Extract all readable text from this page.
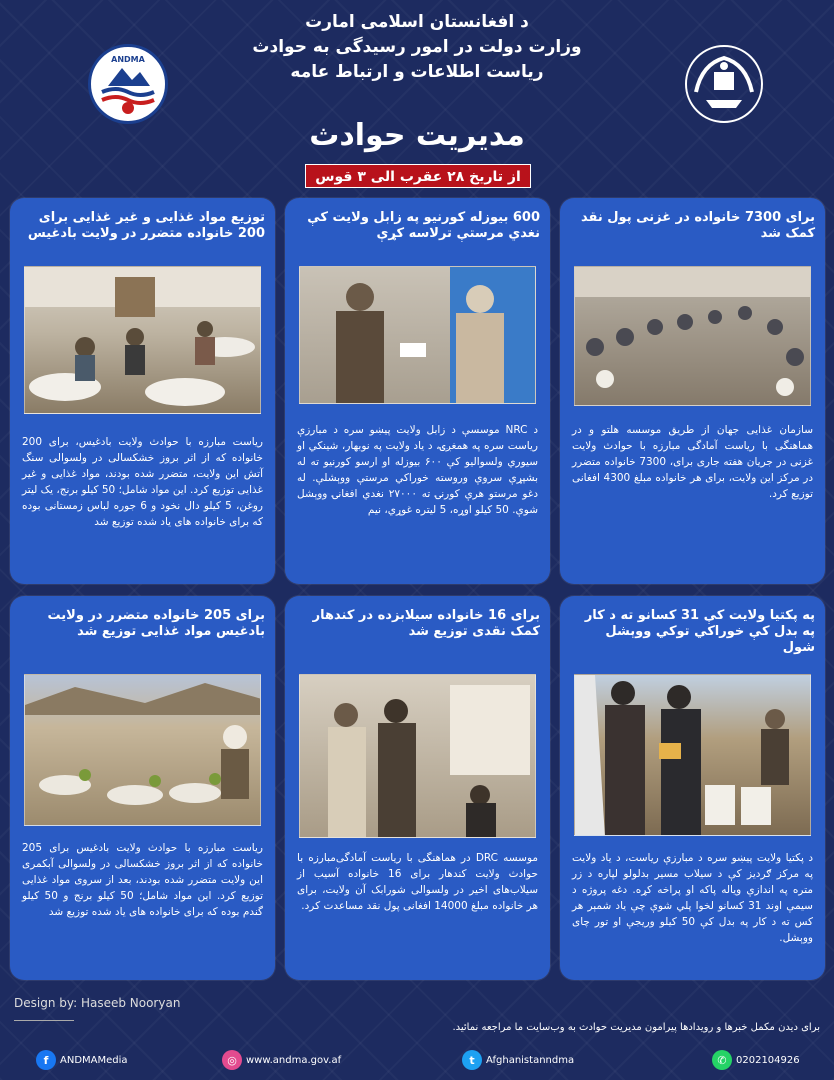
د افغانستان اسلامی امارت
وزارت دولت در امور رسیدگی به حوادث
ریاست اطلاعات و ارتباط عامه
ANDMA
مدیریت حوادث
از تاریخ ۲۸ عقرب الی ۳ قوس
توزیع مواد غذایی و غیر غذایی برای 200 خانواده متضرر در ولایت بادغیس
ریاست مبارزه با حوادث ولایت بادغیس، برای 200 خانواده که از اثر بروز خشکسالی در ولسوالی سنگ آتش این ولایت، متضرر شده بودند، مواد غذایی و غیر غذایی توزیع کرد. این مواد شامل؛ 50 کیلو برنج، یک لیتر روغن، 5 کیلو دال نخود و 6 جوره لباس زمستانی بوده که برای خانواده های یاد شده توزیع شد
600 بیوزله کورنیو په زابل ولایت کې نغدي مرستې ترلاسه کړې
د NRC موسسې د زابل ولایت پیښو سره د مبارزې ریاست سره په همغږۍ، د یاد ولایت په نوبهار، شینکي او سیوري ولسوالیو کې ۶۰۰ بیوزله او ارسو کورنیو ته له بشپړې سروې وروسته خوراکي مرستې ووېشلې. له دغو مرستو هرې کورنۍ ته ۲۷۰۰۰ نغدي افغانۍ ووېشل شوې. 50 کیلو اوړه، 5 لیتره غوړي، نیم
برای 7300 خانواده در غزنی پول نقد کمک شد
سازمان غذایی جهان از طریق موسسه هلتو و در هماهنگی با ریاست آمادگی مبارزه با حوادث ولایت غزنی در جریان هفته جاری برای، 7300 خانواده متضرر در مرکز این ولایت، برای هر خانواده مبلغ 4300 افغانی توزیع کرد.
برای 205 خانواده متضرر در ولایت بادغیس مواد غذایی توزیع شد
ریاست مبارزه با حوادث ولایت بادغیس برای 205 خانواده که از اثر بروز خشکسالی در ولسوالی آبکمری این ولایت متضرر شده بودند، بعد از سروی مواد غذایی توزیع کرد. این مواد شامل؛ 50 کیلو برنج و 50 کیلو گندم بوده که برای خانواده های یاد شده توزیع شد
برای 16 خانواده سیلابزده در کندهار کمک نقدی توزیع شد
موسسه DRC در هماهنگی با ریاست آمادگی‌مبارزه با حوادث ولایت کندهار برای 16 خانواده آسیب از سیلاب‌های اخیر در ولسوالی شورابک آن ولایت، برای هر خانواده مبلغ 14000 افغانی پول نقد مساعدت کرد.
په پکتیا ولایت کې 31 کسانو ته د کار په بدل کې خوراکي توکي ووېشل شول
د پکتیا ولایت پیښو سره د مبارزې ریاست، د یاد ولایت په مرکز ګردیز کې د سیلاب مسیر بدلولو لپاره د زر متره په اندازې ویاله پاکه او پراخه کړه. دغه پروژه د سیمې اوند 31 کسانو لخوا پلي شوې چې یاد شمېر هر کس ته د کار په بدل کې 50 کیلو وریجې او تور چای ووېشل.
Design by: Haseeb Nooryan
برای دیدن مکمل خبرها و رویدادها پیرامون مدیریت حوادث به وب‌سایت ما مراجعه نمائید.
f	ANDMAMedia	◎ www.andma.gov.af	t	Afghanistanndma	✆ 0202104926
